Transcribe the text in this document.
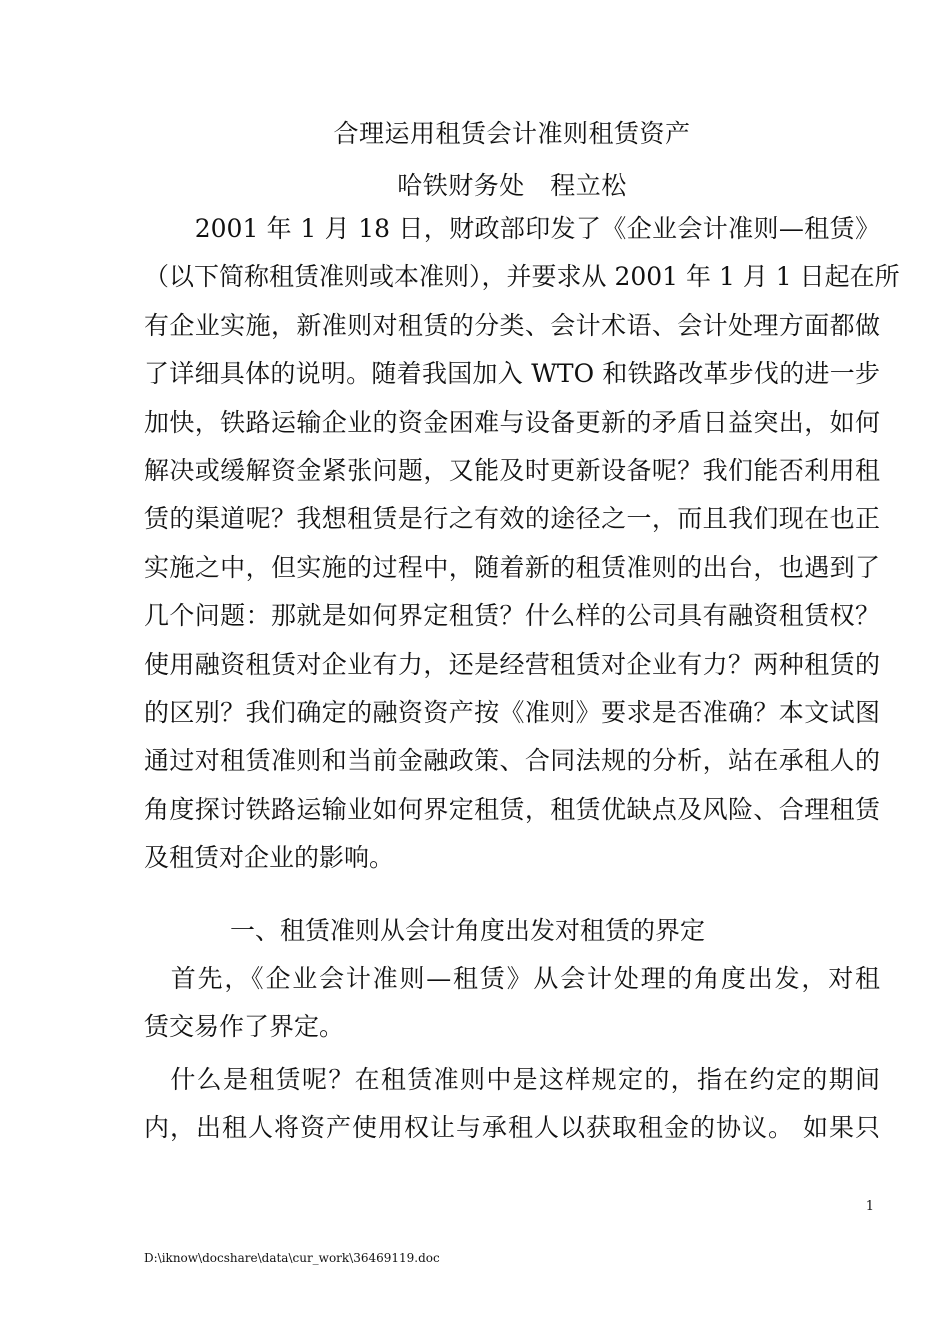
合理运用租赁会计准则租赁资产
哈铁财务处　程立松
　　2001 年 1 月 18 日，财政部印发了《企业会计准则—租赁》
（以下简称租赁准则或本准则），并要求从 2001 年 1 月 1 日起在所
有企业实施，新准则对租赁的分类、会计术语、会计处理方面都做
了详细具体的说明。随着我国加入 WTO 和铁路改革步伐的进一步
加快，铁路运输企业的资金困难与设备更新的矛盾日益突出，如何
解决或缓解资金紧张问题，又能及时更新设备呢？我们能否利用租
赁的渠道呢？我想租赁是行之有效的途径之一，而且我们现在也正
实施之中，但实施的过程中，随着新的租赁准则的出台，也遇到了
几个问题：那就是如何界定租赁？什么样的公司具有融资租赁权？
使用融资租赁对企业有力，还是经营租赁对企业有力？两种租赁的
的区别？我们确定的融资资产按《准则》要求是否准确？本文试图
通过对租赁准则和当前金融政策、合同法规的分析，站在承租人的
角度探讨铁路运输业如何界定租赁，租赁优缺点及风险、合理租赁
及租赁对企业的影响。
一、租赁准则从会计角度出发对租赁的界定
　首先，《企业会计准则—租赁》从会计处理的角度出发，对租
赁交易作了界定。
　什么是租赁呢？在租赁准则中是这样规定的，指在约定的期间
内，出租人将资产使用权让与承租人以获取租金的协议。 如果只
1
D:\iknow\docshare\data\cur_work\36469119.doc
